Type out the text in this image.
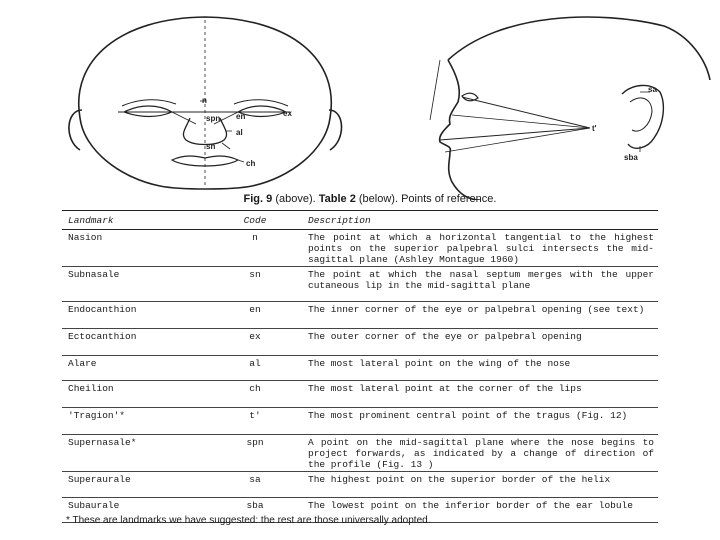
n
en	ex
spn
al
sn
ch
sa
t'
sba
Fig. 9 (above). Table 2 (below). Points of reference.
Landmark	Code	Description
Nasion	n	The point at which a horizontal tangential to the highest points on the superior palpebral sulci intersects the mid-sagittal plane (Ashley Montague 1960)
Subnasale	sn	The point at which the nasal septum merges with the upper cutaneous lip in the mid-sagittal plane
Endocanthion	en	The inner corner of the eye or palpebral opening (see text)
Ectocanthion	ex	The outer corner of the eye or palpebral opening
Alare	al	The most lateral point on the wing of the nose
Cheilion	ch	The most lateral point at the corner of the lips
'Tragion'*	t'	The most prominent central point of the tragus (Fig. 12)
Supernasale*	spn	A point on the mid-sagittal plane where the nose begins to project forwards, as indicated by a change of direction of the profile (Fig. 13 )
Superaurale	sa	The highest point on the superior border of the helix
Subaurale	sba	The lowest point on the inferior border of the ear lobule
* These are landmarks we have suggested: the rest are those universally adopted.
